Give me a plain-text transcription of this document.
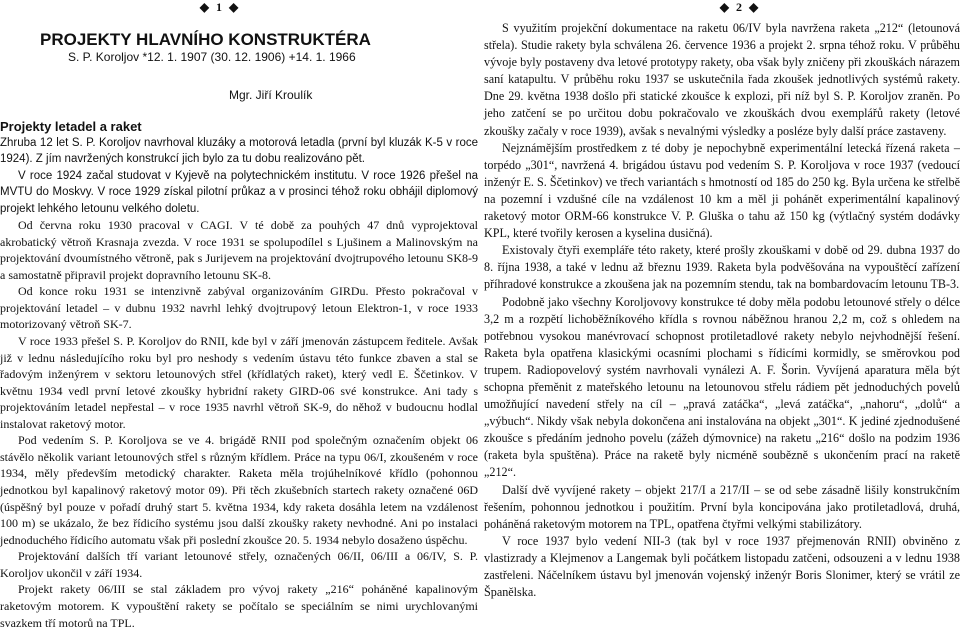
◆ 1 ◆	◆ 2 ◆
PROJEKTY HLAVNÍHO KONSTRUKTÉRA
S. P. Koroljov *12. 1. 1907 (30. 12. 1906) +14. 1. 1966
Mgr. Jiří Kroulík
Projekty letadel a raket

Zhruba 12 let S. P. Koroljov navrhoval kluzáky a motorová letadla (první byl kluzák K-5 v roce 1924). Z jím navržených konstrukcí jich bylo za tu dobu realizováno pět.

V roce 1924 začal studovat v Kyjevě na polytechnickém institutu. V roce 1926 přešel na MVTU do Moskvy. V roce 1929 získal pilotní průkaz a v prosinci téhož roku obhájil diplomový projekt lehkého letounu velkého doletu.

Od června roku 1930 pracoval v CAGI. V té době za pouhých 47 dnů vyprojektoval akrobatický větroň Krasnaja zvezda. V roce 1931 se spolupodílel s Ljušinem a Malinovským na projektování dvoumístného větroně, pak s Jurijevem na projektování dvojtrupového letounu SK8-9 a samostatně připravil projekt dopravního letounu SK-8.

Od konce roku 1931 se intenzivně zabýval organizováním GIRDu. Přesto pokračoval v projektování letadel – v dubnu 1932 navrhl lehký dvojtrupový letoun Elektron-1, v roce 1933 motorizovaný větroň SK-7.

V roce 1933 přešel S. P. Koroljov do RNII, kde byl v září jmenován zástupcem ředitele. Avšak již v lednu následujícího roku byl pro neshody s vedením ústavu této funkce zbaven a stal se řadovým inženýrem v sektoru letounových střel (křídlatých raket), který vedl E. Ščetinkov. V květnu 1934 vedl první letové zkoušky hybridní rakety GIRD-06 své konstrukce. Ani tady s projektováním letadel nepřestal – v roce 1935 navrhl větroň SK-9, do něhož v budoucnu hodlal instalovat raketový motor.

Pod vedením S. P. Koroljova se ve 4. brigádě RNII pod společným označením objekt 06 stávělo několik variant letounových střel s různým křídlem. Práce na typu 06/I, zkoušeném v roce 1934, měly především metodický charakter. Raketa měla trojúhelníkové křídlo (pohonnou jednotkou byl kapalinový raketový motor 09). Při těch zkušebních startech rakety označené 06D (úspěšný byl pouze v pořadí druhý start 5. května 1934, kdy raketa dosáhla letem na vzdálenost 100 m) se ukázalo, že bez řídicího systému jsou další zkoušky rakety nevhodné. Ani po instalaci jednoduchého řídicího automatu však při poslední zkoušce 20. 5. 1934 nebylo dosaženo úspěchu.

Projektování dalších tří variant letounové střely, označených 06/II, 06/III a 06/IV, S. P. Koroljov ukončil v září 1934.

Projekt rakety 06/III se stal základem pro vývoj rakety „216“ poháněné kapalinovým raketovým motorem. K vypouštění rakety se počítalo se speciálním se nimi urychlovanými svazkem tří motorů na TPL.

S využitím projekční dokumentace na raketu 06/IV byla navržena raketa „212“ (letounová střela). Studie rakety byla schválena 26. července 1936 a projekt 2. srpna téhož roku. V průběhu vývoje byly postaveny dva letové prototypy rakety, oba však byly zničeny při zkouškách nárazem saní katapultu. V průběhu roku 1937 se uskutečnila řada zkoušek jednotlivých systémů rakety. Dne 29. května 1938 došlo při statické zkoušce k explozi, při níž byl S. P. Koroljov zraněn. Po jeho zatčení se po určitou dobu pokračovalo ve zkouškách dvou exemplářů rakety (letové zkoušky začaly v roce 1939), avšak s nevalnými výsledky a posléze byly další práce zastaveny.

Nejznámějším prostředkem z té doby je nepochybně experimentální letecká řízená raketa – torpédo „301“, navržená 4. brigádou ústavu pod vedením S. P. Koroljova v roce 1937 (vedoucí inženýr E. S. Ščetinkov) ve třech variantách s hmotností od 185 do 250 kg. Byla určena ke střelbě na pozemní i vzdušné cíle na vzdálenost 10 km a měl ji pohánět experimentální kapalinový raketový motor ORM-66 konstrukce V. P. Gluška o tahu až 150 kg (výtlačný systém dodávky KPL, které tvořily kerosen a kyselina dusičná).

Existovaly čtyři exempláře této rakety, které prošly zkouškami v době od 29. dubna 1937 do 8. října 1938, a také v lednu až březnu 1939. Raketa byla podvěšována na vypouštěcí zařízení příhradové konstrukce a zkoušena jak na pozemním stendu, tak na bombardovacím letounu TB-3.

Podobně jako všechny Koroljovovy konstrukce té doby měla podobu letounové střely o délce 3,2 m a rozpětí lichoběžníkového křídla s rovnou náběžnou hranou 2,2 m, což s ohledem na potřebnou vysokou manévrovací schopnost protiletadlové rakety nebylo nejvhodnější řešení. Raketa byla opatřena klasickými ocasními plochami s řídicími kormidly, se směrovkou pod trupem. Radiopovelový systém navrhovali vynálezi A. F. Šorin. Vyvíjená aparatura měla být schopna přeměnit z mateřského letounu na letounovou střelu rádiem pět jednoduchých povelů umožňující navedení střely na cíl – „pravá zatáčka“, „levá zatáčka“, „nahoru“, „dolů“ a „výbuch“. Nikdy však nebyla dokončena ani instalována na objekt „301“. K jediné zjednodušené zkoušce s předáním jednoho povelu (zážeh dýmovnice) na raketu „216“ došlo na podzim 1936 (raketa byla spuštěna). Práce na raketě byly nicméně soubězně s ukončením prací na raketě „212“.

Další dvě vyvíjené rakety – objekt 217/I a 217/II – se od sebe zásadně lišily konstrukčním řešením, pohonnou jednotkou i použitím. První byla koncipována jako protiletadlová, druhá, poháněná raketovým motorem na TPL, opatřena čtyřmi velkými stabilizátory.

V roce 1937 bylo vedení NII-3 (tak byl v roce 1937 přejmenován RNII) obviněno z vlastizrady a Klejmenov a Langemak byli počátkem listopadu zatčeni, odsouzeni a v lednu 1938 zastřeleni. Náčelníkem ústavu byl jmenován vojenský inženýr Boris Slonimer, který se vrátil ze Španělska.
